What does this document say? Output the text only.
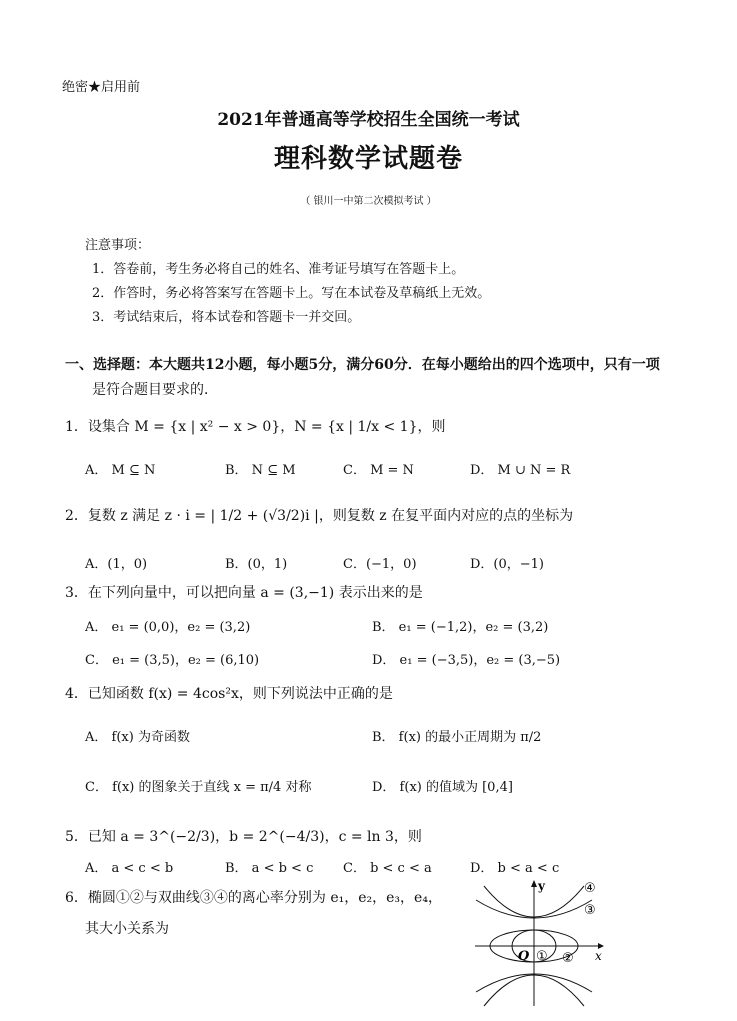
绝密★启用前
2021年普通高等学校招生全国统一考试
理科数学试题卷
（ 银川一中第二次模拟考试 ）
注意事项：
1．答卷前，考生务必将自己的姓名、准考证号填写在答题卡上。
2．作答时，务必将答案写在答题卡上。写在本试卷及草稿纸上无效。
3．考试结束后，将本试卷和答题卡一并交回。
一、选择题：本大题共12小题，每小题5分，满分60分．在每小题给出的四个选项中，只有一项
是符合题目要求的．
1．设集合 M = {x | x² − x > 0}，N = {x | 1/x < 1}，则
A． M ⊆ N	B． N ⊆ M	C． M = N	D． M ∪ N = R
2．复数 z 满足 z · i = | 1/2 + (√3/2)i |，则复数 z 在复平面内对应的点的坐标为
A．(1，0)	B．(0，1)	C．(−1，0)	D．(0，−1)
3．在下列向量中，可以把向量 a = (3,−1) 表示出来的是
A． e₁ = (0,0)，e₂ = (3,2)	B． e₁ = (−1,2)，e₂ = (3,2)
C． e₁ = (3,5)，e₂ = (6,10)	D． e₁ = (−3,5)，e₂ = (3,−5)
4．已知函数 f(x) = 4cos²x，则下列说法中正确的是
A． f(x) 为奇函数	B． f(x) 的最小正周期为 π/2
C． f(x) 的图象关于直线 x = π/4 对称	D． f(x) 的值域为 [0,4]
5．已知 a = 3^(−2/3)，b = 2^(−4/3)，c = ln 3，则
A． a < c < b	B． a < b < c C． b < c < a	D． b < a < c
6．椭圆①②与双曲线③④的离心率分别为 e₁，e₂，e₃，e₄，
其大小关系为
y
x
O ① ②
③
④
